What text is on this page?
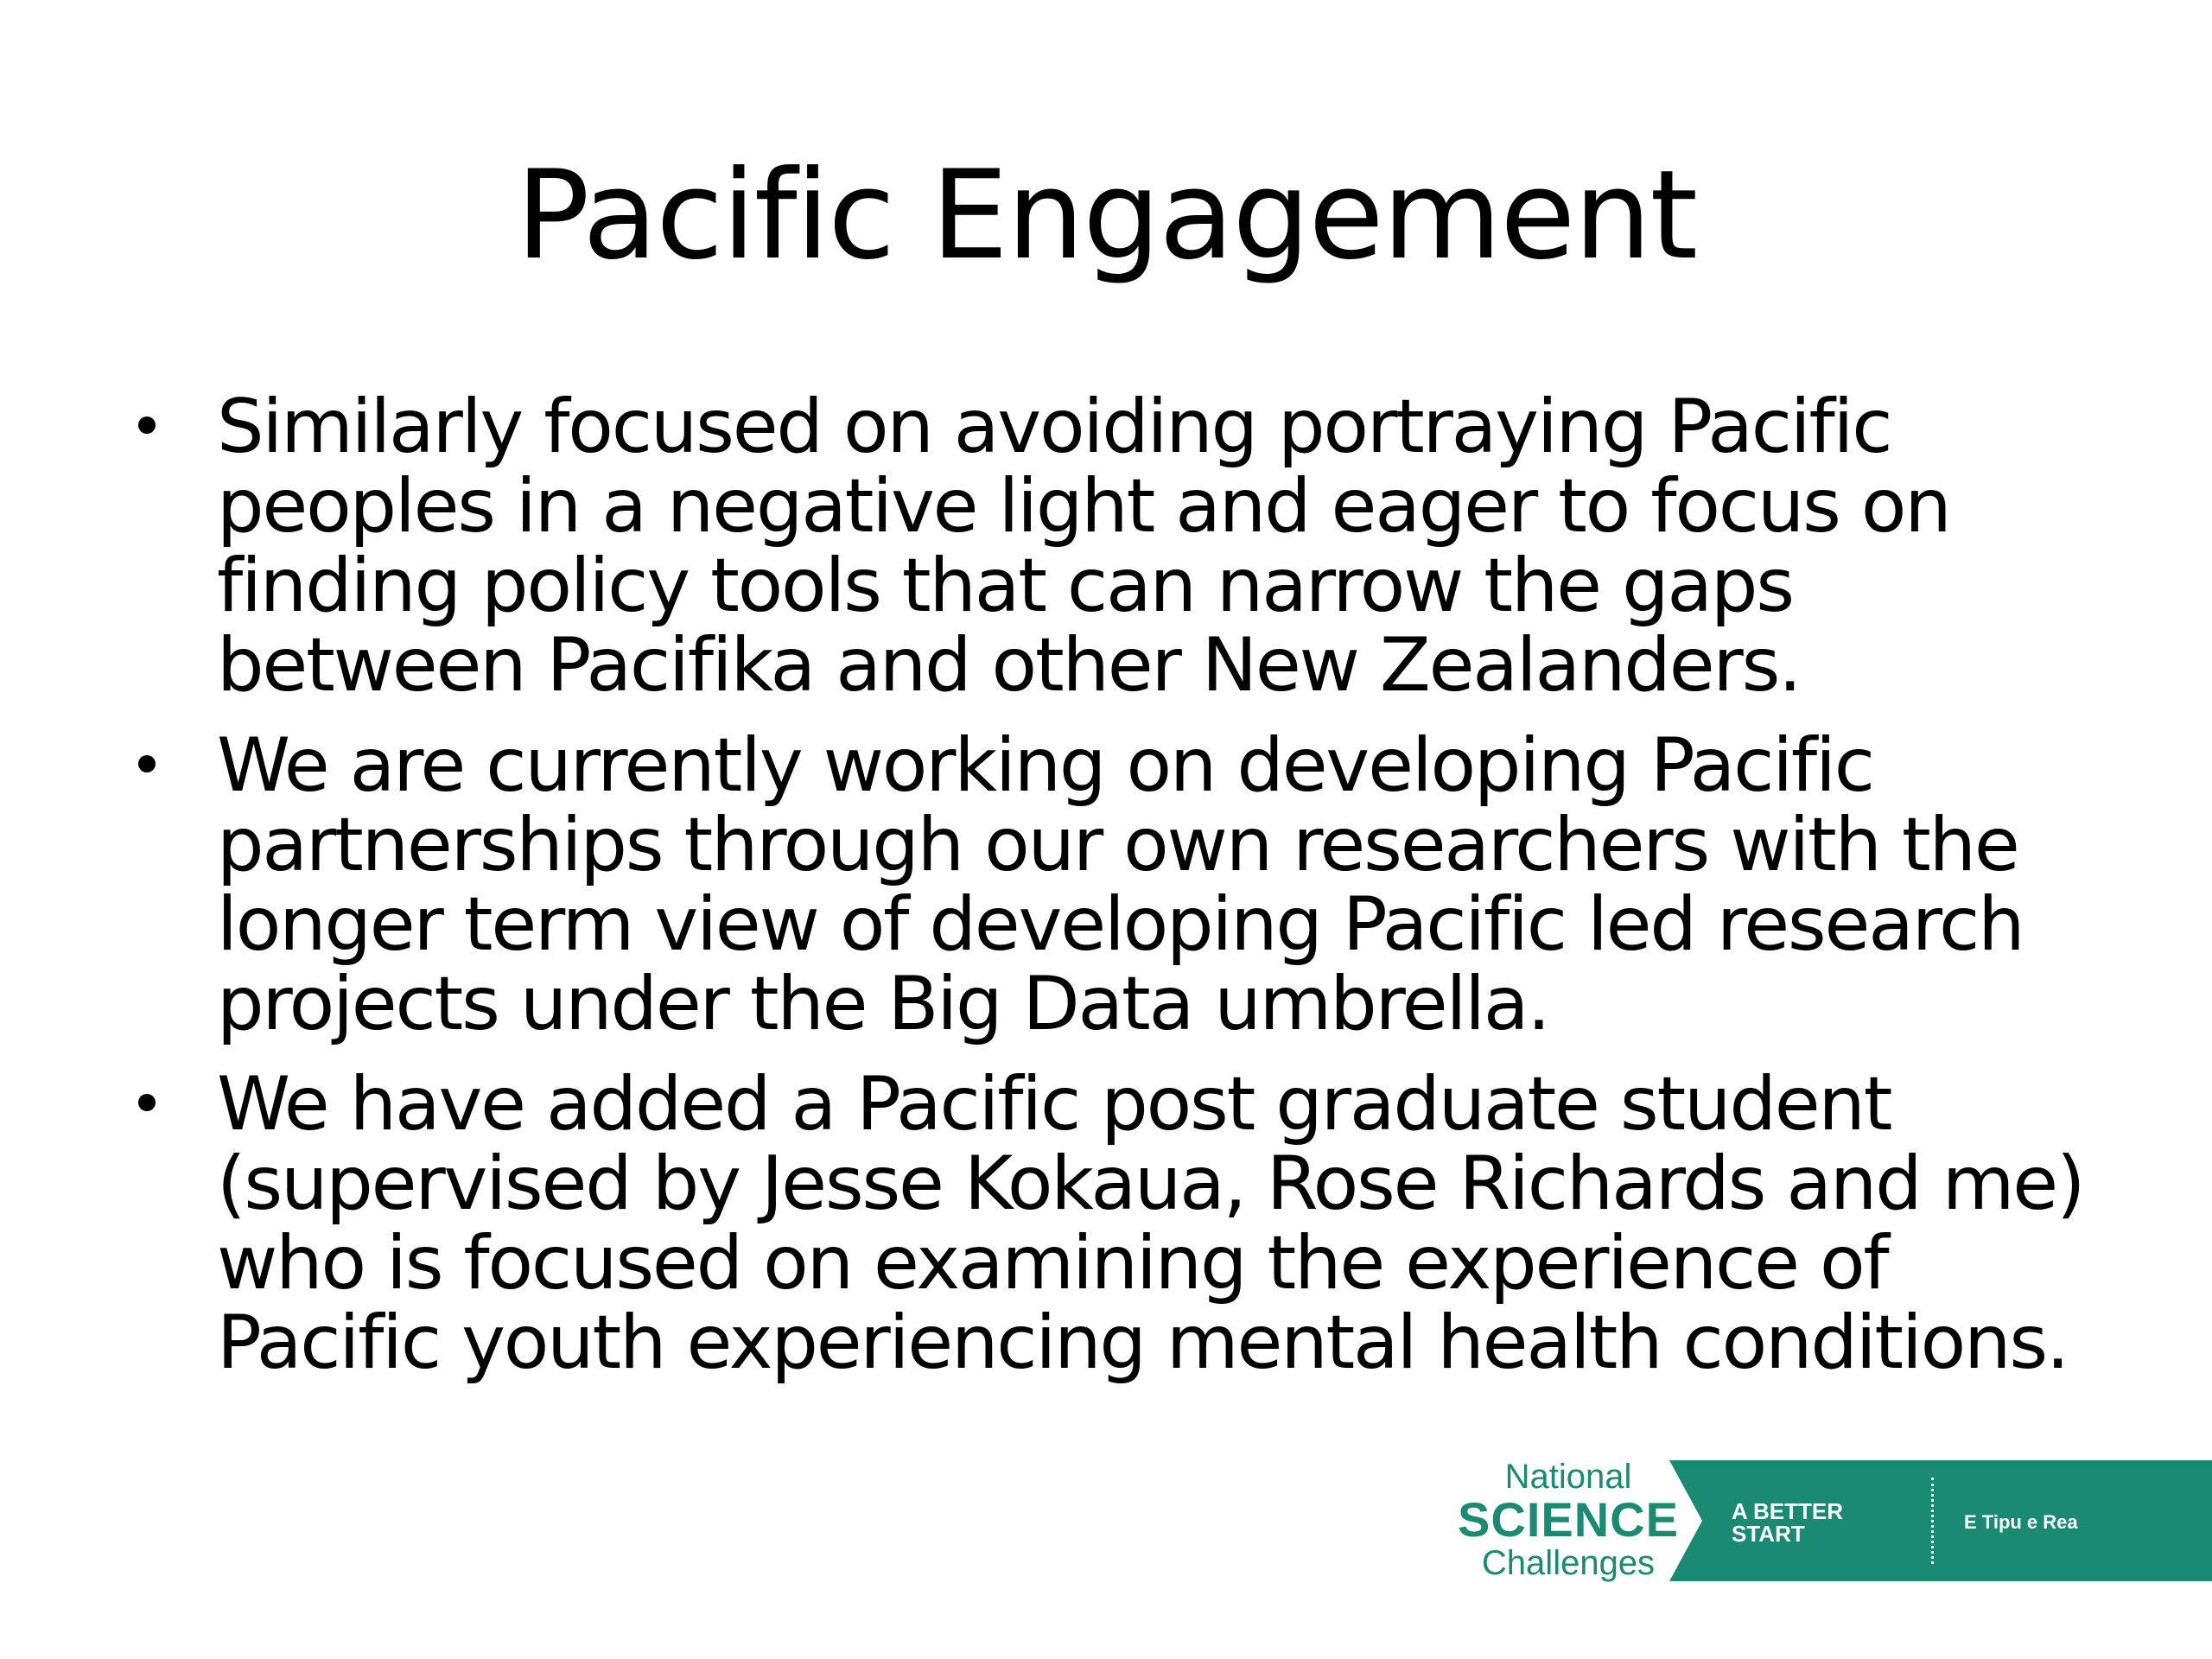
Pacific Engagement
Similarly focused on avoiding portraying Pacific peoples in a negative light and eager to focus on finding policy tools that can narrow the gaps between Pacifika and other New Zealanders.
We are currently working on developing Pacific partnerships through our own researchers with the longer term view of developing Pacific led research projects under the Big Data umbrella.
We have added a Pacific post graduate student (supervised by Jesse Kokaua, Rose Richards and me) who is focused on examining the experience of Pacific youth experiencing mental health conditions.
National
SCIENCE
Challenges
A BETTER
START	E Tipu e Rea
